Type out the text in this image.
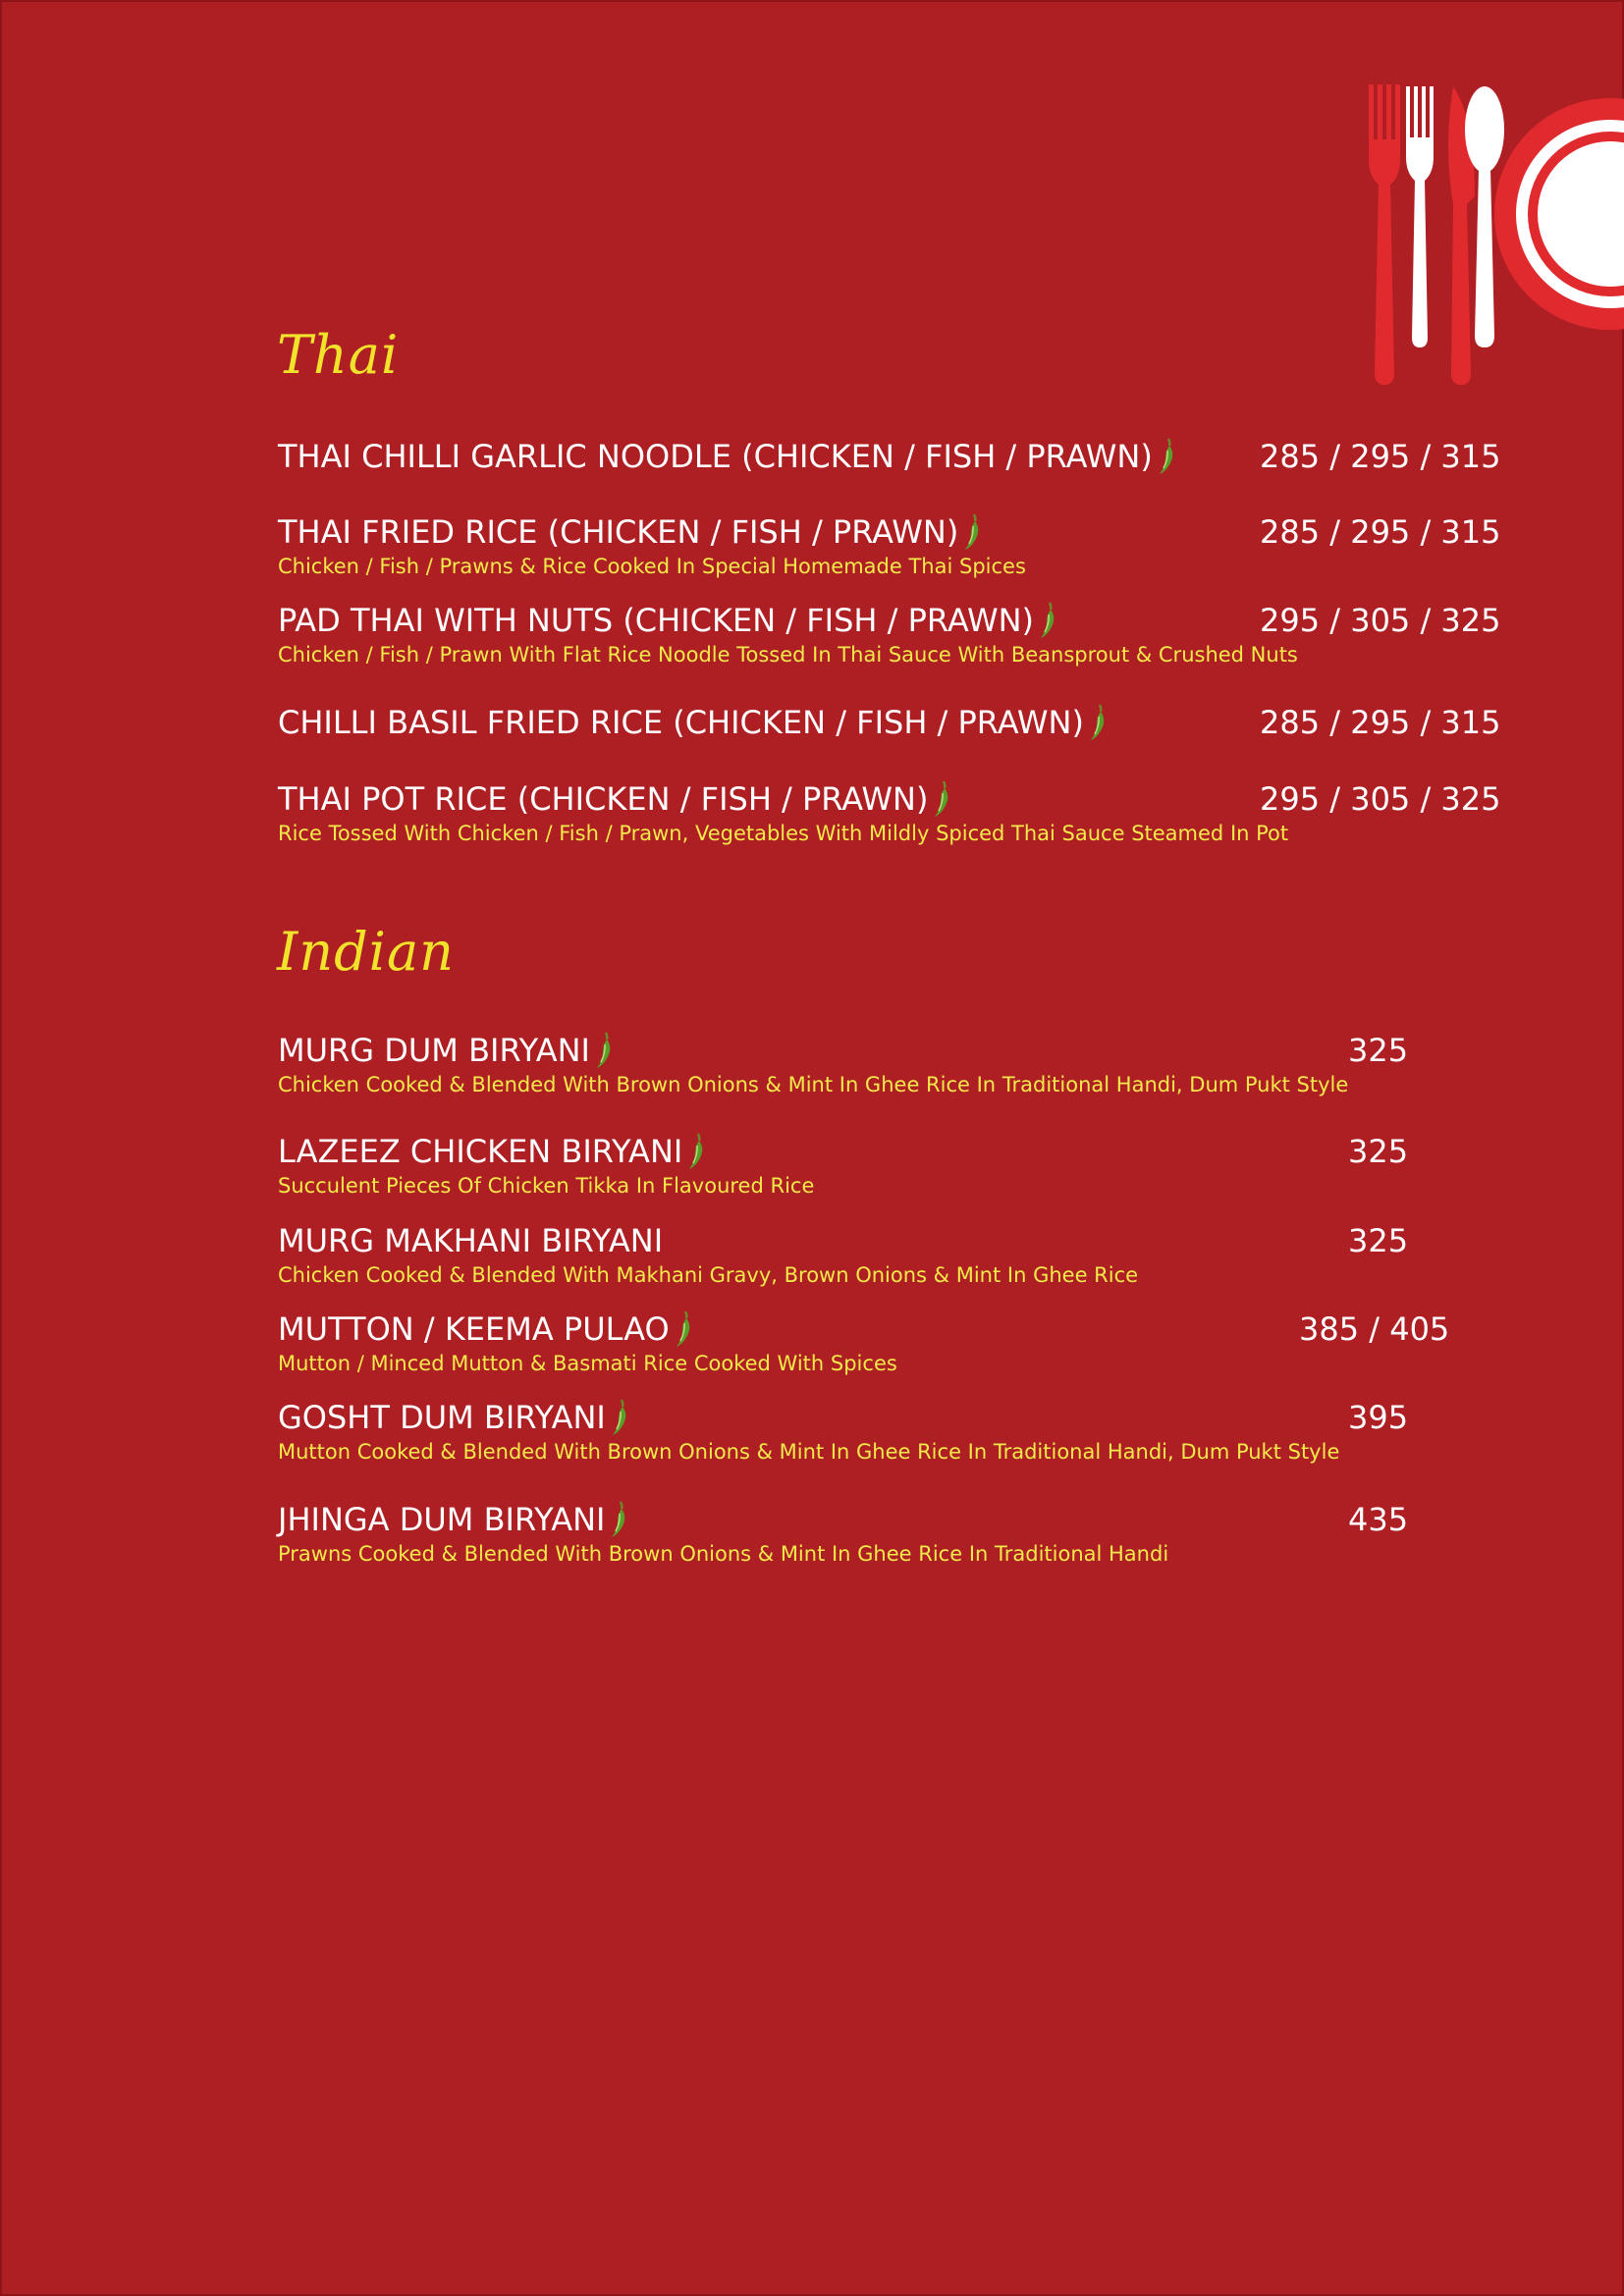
Thai
THAI CHILLI GARLIC NOODLE (CHICKEN / FISH / PRAWN)	285 / 295 / 315
THAI FRIED RICE (CHICKEN / FISH / PRAWN)	285 / 295 / 315
Chicken / Fish / Prawns & Rice Cooked In Special Homemade Thai Spices
PAD THAI WITH NUTS (CHICKEN / FISH / PRAWN)	295 / 305 / 325
Chicken / Fish / Prawn With Flat Rice Noodle Tossed In Thai Sauce With Beansprout & Crushed Nuts
CHILLI BASIL FRIED RICE (CHICKEN / FISH / PRAWN)	285 / 295 / 315
THAI POT RICE (CHICKEN / FISH / PRAWN)	295 / 305 / 325
Rice Tossed With Chicken / Fish / Prawn, Vegetables With Mildly Spiced Thai Sauce Steamed In Pot
Indian
MURG DUM BIRYANI	325
Chicken Cooked & Blended With Brown Onions & Mint In Ghee Rice In Traditional Handi, Dum Pukt Style
LAZEEZ CHICKEN BIRYANI	325
Succulent Pieces Of Chicken Tikka In Flavoured Rice
MURG MAKHANI BIRYANI	325
Chicken Cooked & Blended With Makhani Gravy, Brown Onions & Mint In Ghee Rice
MUTTON / KEEMA PULAO	385 / 405
Mutton / Minced Mutton & Basmati Rice Cooked With Spices
GOSHT DUM BIRYANI	395
Mutton Cooked & Blended With Brown Onions & Mint In Ghee Rice In Traditional Handi, Dum Pukt Style
JHINGA DUM BIRYANI	435
Prawns Cooked & Blended With Brown Onions & Mint In Ghee Rice In Traditional Handi
